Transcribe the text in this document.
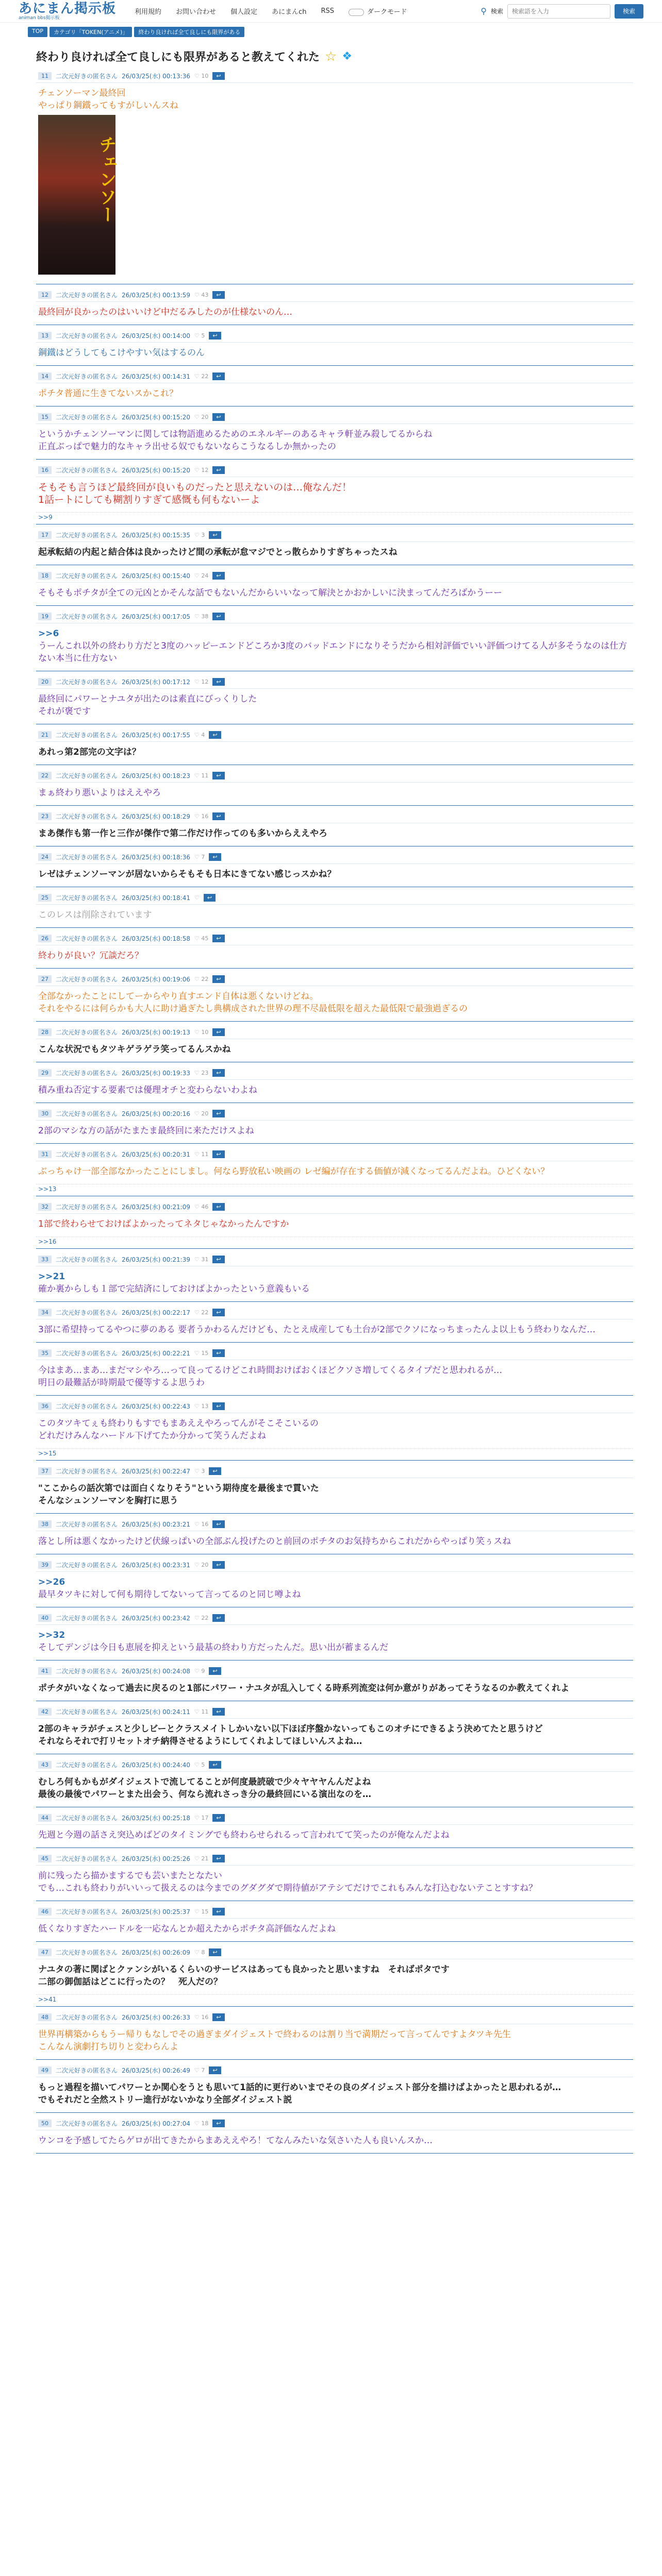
あにまん掲示板
animan bbs掲示板
利用規約 お問い合わせ 個人設定 あにまんch RSS	ダークモード	⚲ 検索
検索語を入力	検索
TOP	カテゴリ「TOKEN(アニメ)」	終わり良ければ全て良しにも限界がある
終わり良ければ全て良しにも限界があると教えてくれた ☆ ❖
11	二次元好きの匿名さん 26/03/25(水) 00:13:36 ♡ 10	↩
チェンソーマン最終回
やっぱり鋼鐵ってもすがしいんスね
チェンソー
12	二次元好きの匿名さん 26/03/25(水) 00:13:59 ♡ 43	↩
最終回が良かったのはいいけど中だるみしたのが仕様ないのん…
13	二次元好きの匿名さん 26/03/25(水) 00:14:00 ♡ 5	↩
鋼鐵はどうしてもこけやすい気はするのん
14	二次元好きの匿名さん 26/03/25(水) 00:14:31 ♡ 22	↩
ポチタ普通に生きてないスかこれ？
15	二次元好きの匿名さん 26/03/25(水) 00:15:20 ♡ 20	↩
というかチェンソーマンに関しては物語進めるためのエネルギーのあるキャラ軒並み殺してるからね
正直ぶっぱで魅力的なキャラ出せる奴でもないならこうなるしか無かったの
16	二次元好きの匿名さん 26/03/25(水) 00:15:20 ♡ 12	↩
そもそも言うほど最終回が良いものだったと思えないのは…俺なんだ！
1話ートにしても糊割りすぎて感慨も何もないーよ
>>9
17	二次元好きの匿名さん 26/03/25(水) 00:15:35 ♡ 3	↩
起承転結の内起と結合体は良かったけど間の承転が怠マジでとっ散らかりすぎちゃったスね
18	二次元好きの匿名さん 26/03/25(水) 00:15:40 ♡ 24	↩
そもそもポチタが全ての元凶とかそんな話でもないんだからいいなって解決とかおかしいに決まってんだろばかうーー
19	二次元好きの匿名さん 26/03/25(水) 00:17:05 ♡ 38	↩
>>6
うーんこれ以外の終わり方だと3度のハッピーエンドどころか3度のバッドエンドになりそうだから相対評価でいい評価つけてる人が多そうなのは仕方ない本当に仕方ない
20	二次元好きの匿名さん 26/03/25(水) 00:17:12 ♡ 12	↩
最終回にパワーとナユタが出たのは素直にびっくりした
それが褒です
21	二次元好きの匿名さん 26/03/25(水) 00:17:55 ♡ 4	↩
あれっ第2部完の文字は？
22	二次元好きの匿名さん 26/03/25(水) 00:18:23 ♡ 11	↩
まぁ終わり悪いよりはええやろ
23	二次元好きの匿名さん 26/03/25(水) 00:18:29 ♡ 16	↩
まあ傑作も第一作と三作が傑作で第二作だけ作ってのも多いからええやろ
24	二次元好きの匿名さん 26/03/25(水) 00:18:36 ♡ 7	↩
レゼはチェンソーマンが居ないからそもそも日本にきてない感じっスかね？
25	二次元好きの匿名さん 26/03/25(水) 00:18:41 ♡	↩
このレスは削除されています
26	二次元好きの匿名さん 26/03/25(水) 00:18:58 ♡ 45	↩
終わりが良い？冗談だろ？
27	二次元好きの匿名さん 26/03/25(水) 00:19:06 ♡ 22	↩
全部なかったことにしてーからやり直すエンド自体は悪くないけどね。
それをやるには何らかも大人に助け過ぎたし典構成された世界の理不尽最低限を超えた最低限で最強過ぎるの
28	二次元好きの匿名さん 26/03/25(水) 00:19:13 ♡ 10	↩
こんな状況でもタツキゲラゲラ笑ってるんスかね
29	二次元好きの匿名さん 26/03/25(水) 00:19:33 ♡ 23	↩
積み重ね否定する要素では優理オチと変わらないわよね
30	二次元好きの匿名さん 26/03/25(水) 00:20:16 ♡ 20	↩
2部のマシな方の話がたまたま最終回に来ただけスよね
31	二次元好きの匿名さん 26/03/25(水) 00:20:31 ♡ 11	↩
ぶっちゃけ一部全部なかったことにしまし。何なら野放私い映画の レゼ編が存在する価値が減くなってるんだよね。ひどくない？
>>13
32	二次元好きの匿名さん 26/03/25(水) 00:21:09 ♡ 46	↩
1部で終わらせておけばよかったってネタじゃなかったんですか
>>16
33	二次元好きの匿名さん 26/03/25(水) 00:21:39 ♡ 31	↩
>>21
確か裏からしも１部で完結済にしておけばよかったという意義もいる
34	二次元好きの匿名さん 26/03/25(水) 00:22:17 ♡ 22	↩
3部に希望持ってるやつに夢のある 要者うかわるんだけども、たとえ成産しても土台が2部でクソになっちまったんよ以上もう終わりなんだ…
35	二次元好きの匿名さん 26/03/25(水) 00:22:21 ♡ 15	↩
今はまあ…まあ…まだマシやろ…って良ってるけどこれ時間おけばおくほどクソさ増してくるタイプだと思われるが…
明日の最難話が時期最で優等するよ思うわ
36	二次元好きの匿名さん 26/03/25(水) 00:22:43 ♡ 13	↩
このタツキてぇも終わりもすでもまあええやろってんがそこそこいるの
どれだけみんなハードル下げてたか分かって笑うんだよね
>>15
37	二次元好きの匿名さん 26/03/25(水) 00:22:47 ♡ 3	↩
"ここからの話次第では面白くなりそう"という期待度を最後まで貫いた
そんなシュンソーマンを胸打に思う
38	二次元好きの匿名さん 26/03/25(水) 00:23:21 ♡ 16	↩
落とし所は悪くなかったけど伏線っぱいの全部ぶん投げたのと前回のポチタのお気持ちからこれだからやっぱり笑ぅスね
39	二次元好きの匿名さん 26/03/25(水) 00:23:31 ♡ 20	↩
>>26
最早タツキに対して何も期待してないって言ってるのと同じ噂よね
40	二次元好きの匿名さん 26/03/25(水) 00:23:42 ♡ 22	↩
>>32
そしてデンジは今日も恵展を抑えという最基の終わり方だったんだ。思い出が蓄まるんだ
41	二次元好きの匿名さん 26/03/25(水) 00:24:08 ♡ 9	↩
ポチタがいなくなって過去に戻るのと1部にパワー・ナユタが乱入してくる時系列流変は何か意がりがあってそうなるのか教えてくれよ
42	二次元好きの匿名さん 26/03/25(水) 00:24:11 ♡ 11	↩
2部のキャラがチェスと少しビーとクラスメイトしかいない以下ほぼ序盤かないってもこのオチにできるよう決めてたと思うけど
それならそれで打リセットオチ納得させるようにしてくれよしてほしいんスよね…
43	二次元好きの匿名さん 26/03/25(水) 00:24:40 ♡ 5	↩
むしろ何もかもがダイジェストで流してることが何度最読破で少々ヤヤヤんんだよね
最後の最後でパワーとまた出会う、何なら流れさっき分の最終回にいる演出なのを…
44	二次元好きの匿名さん 26/03/25(水) 00:25:18 ♡ 17	↩
先週と今週の話さえ突込めばどのタイミングでも終わらせられるって言われてて笑ったのが俺なんだよね
45	二次元好きの匿名さん 26/03/25(水) 00:25:26 ♡ 21	↩
前に残ったら描かまするでも芸いまたとなたい
でも…これも終わりがいいって扱えるのは今までのグダグダで期待値がアテシてだけでこれもみんな打込むないテことすすね？
46	二次元好きの匿名さん 26/03/25(水) 00:25:37 ♡ 15	↩
低くなりすぎたハードルを一応なんとか超えたからポチタ高評価なんだよね
47	二次元好きの匿名さん 26/03/25(水) 00:26:09 ♡ 8	↩
ナユタの著に関ばとクァンシがいるくらいのサービスはあっても良かったと思いますね　そればポタです
二部の御伽話はどこに行ったの？　死人だの？
>>41
48	二次元好きの匿名さん 26/03/25(水) 00:26:33 ♡ 16	↩
世界再構築からもうー帰りもなしでその過ぎまダイジェストで終わるのは割り当で満期だって言ってんですよタツキ先生
こんなん演劇打ち切りと変わらんよ
49	二次元好きの匿名さん 26/03/25(水) 00:26:49 ♡ 7	↩
もっと過程を描いてパワーとか関心をうとも思いて1話的に更行めいまでその良のダイジェスト部分を描けばよかったと思われるが…
でもそれだと全然ストリー進行がないかなり全部ダイジェスト説
50	二次元好きの匿名さん 26/03/25(水) 00:27:04 ♡ 18	↩
ウンコを予感してたらゲロが出てきたからまあええやろ！てなんみたいな気さいた人も良いんスか…
